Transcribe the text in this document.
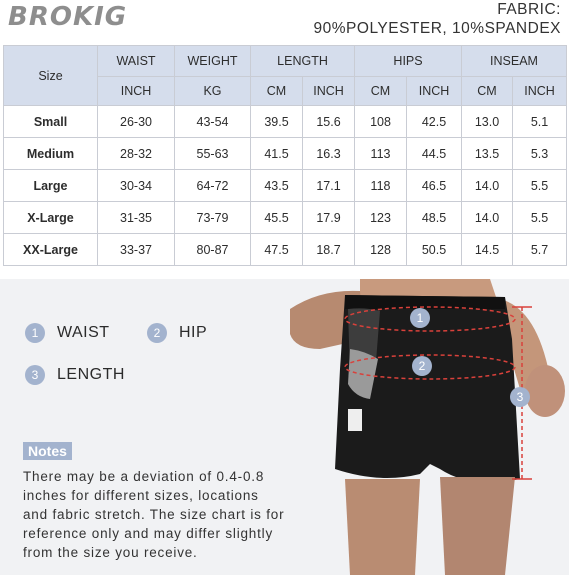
BROKIG	FABRIC:
90%POLYESTER, 10%SPANDEX
Size	WAIST	WEIGHT	LENGTH		HIPS		INSEAM	
	INCH	KG	CM	INCH	CM	INCH	CM	INCH
Small	26-30	43-54	39.5	15.6	108	42.5	13.0	5.1
Medium	28-32	55-63	41.5	16.3	113	44.5	13.5	5.3
Large	30-34	64-72	43.5	17.1	118	46.5	14.0	5.5
X-Large	31-35	73-79	45.5	17.9	123	48.5	14.0	5.5
XX-Large	33-37	80-87	47.5	18.7	128	50.5	14.5	5.7
1	WAIST	2	HIP
3	LENGTH
Notes
There may be a deviation of 0.4-0.8 inches for different sizes, locations and fabric stretch. The size chart is for reference only and may differ slightly from the size you receive.
1
2
3
